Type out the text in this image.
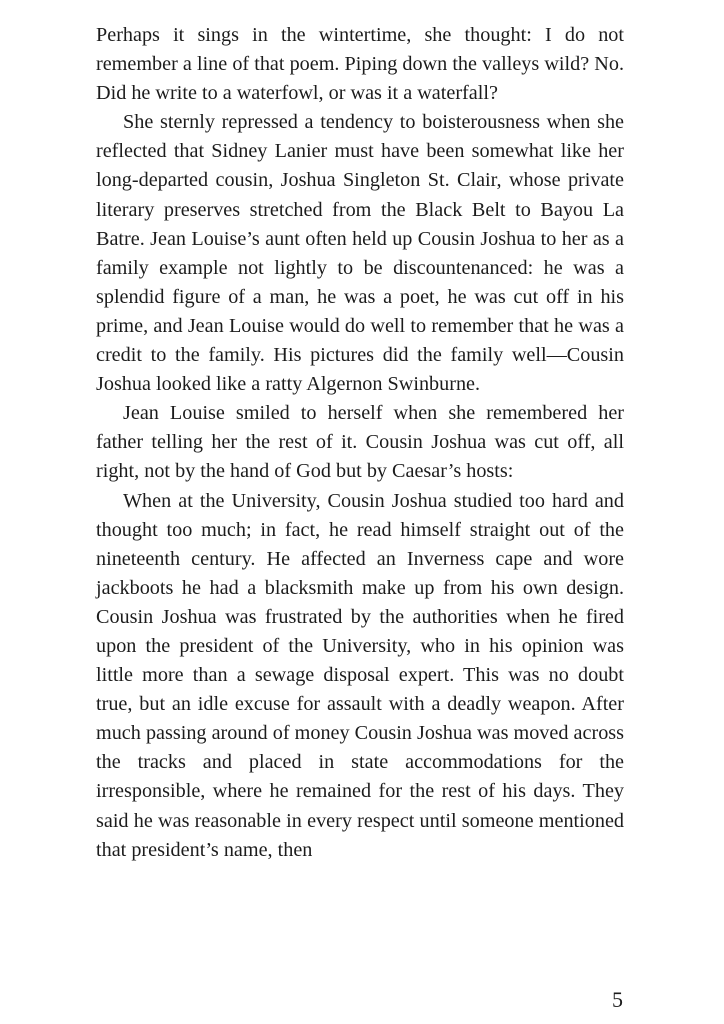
Perhaps it sings in the wintertime, she thought: I do not remember a line of that poem. Piping down the valleys wild? No. Did he write to a waterfowl, or was it a waterfall?

She sternly repressed a tendency to boisterousness when she reflected that Sidney Lanier must have been somewhat like her long-departed cousin, Joshua Singleton St. Clair, whose private literary preserves stretched from the Black Belt to Bayou La Batre. Jean Louise’s aunt often held up Cousin Joshua to her as a family example not lightly to be discountenanced: he was a splendid figure of a man, he was a poet, he was cut off in his prime, and Jean Louise would do well to remember that he was a credit to the family. His pictures did the family well—Cousin Joshua looked like a ratty Algernon Swinburne.

Jean Louise smiled to herself when she remembered her father telling her the rest of it. Cousin Joshua was cut off, all right, not by the hand of God but by Caesar’s hosts:

When at the University, Cousin Joshua studied too hard and thought too much; in fact, he read himself straight out of the nineteenth century. He affected an Inverness cape and wore jackboots he had a blacksmith make up from his own design. Cousin Joshua was frustrated by the authorities when he fired upon the president of the University, who in his opinion was little more than a sewage disposal expert. This was no doubt true, but an idle excuse for assault with a deadly weapon. After much passing around of money Cousin Joshua was moved across the tracks and placed in state accommodations for the irresponsible, where he remained for the rest of his days. They said he was reasonable in every respect until someone mentioned that president’s name, then

5
